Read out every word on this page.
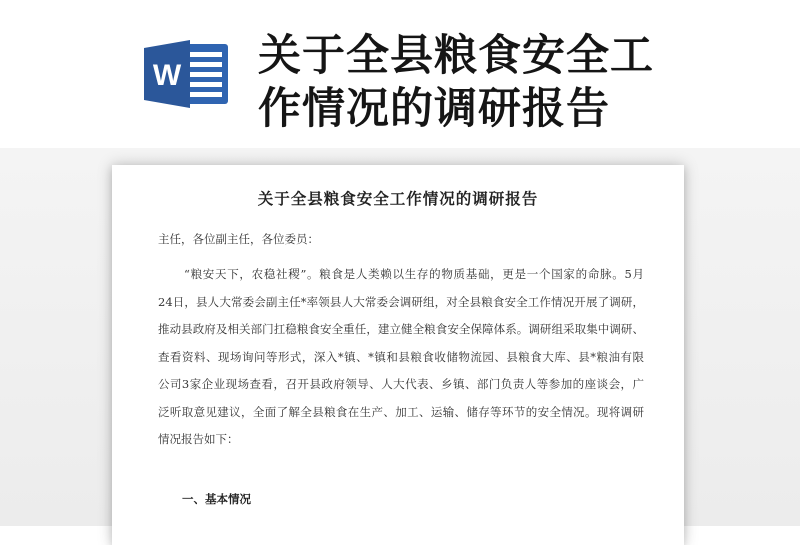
W 关于全县粮食安全工
作情况的调研报告
关于全县粮食安全工作情况的调研报告
主任，各位副主任，各位委员：
“粮安天下，农稳社稷”。粮食是人类赖以生存的物质基础，更是一个国家的命脉。5月
24日，县人大常委会副主任*率领县人大常委会调研组，对全县粮食安全工作情况开展了调研，
推动县政府及相关部门扛稳粮食安全重任，建立健全粮食安全保障体系。调研组采取集中调研、
查看资料、现场询问等形式，深入*镇、*镇和县粮食收储物流园、县粮食大库、县*粮油有限
公司3家企业现场查看，召开县政府领导、人大代表、乡镇、部门负责人等参加的座谈会，广
泛听取意见建议，全面了解全县粮食在生产、加工、运输、储存等环节的安全情况。现将调研
情况报告如下：
一、基本情况
